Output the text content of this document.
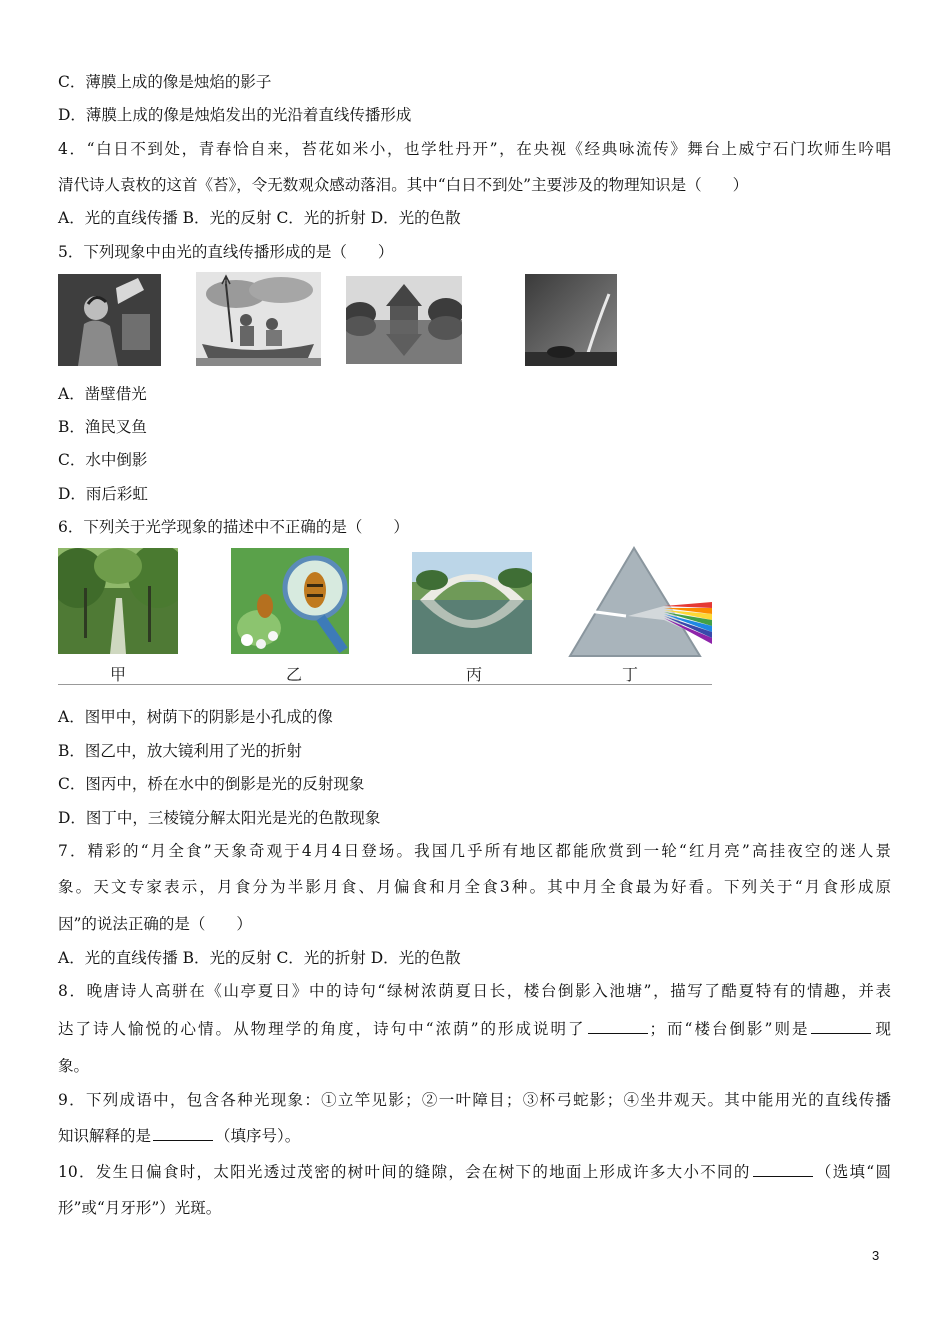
C．薄膜上成的像是烛焰的影子
D．薄膜上成的像是烛焰发出的光沿着直线传播形成
4．“白日不到处，青春恰自来，苔花如米小，也学牡丹开”，在央视《经典咏流传》舞台上威宁石门坎师生吟唱
清代诗人袁枚的这首《苔》，令无数观众感动落泪。其中“白日不到处”主要涉及的物理知识是（　　）
A．光的直线传播 B．光的反射 C．光的折射 D．光的色散
5．下列现象中由光的直线传播形成的是（　　）
A．凿壁借光
B．渔民叉鱼
C．水中倒影
D．雨后彩虹
6．下列关于光学现象的描述中不正确的是（　　）
甲	乙	丙	丁
A．图甲中，树荫下的阴影是小孔成的像
B．图乙中，放大镜利用了光的折射
C．图丙中，桥在水中的倒影是光的反射现象
D．图丁中，三棱镜分解太阳光是光的色散现象
7．精彩的“月全食”天象奇观于4月4日登场。我国几乎所有地区都能欣赏到一轮“红月亮”高挂夜空的迷人景
象。天文专家表示，月食分为半影月食、月偏食和月全食3种。其中月全食最为好看。下列关于“月食形成原
因”的说法正确的是（　　）
A．光的直线传播 B．光的反射 C．光的折射 D．光的色散
8．晚唐诗人高骈在《山亭夏日》中的诗句“绿树浓荫夏日长，楼台倒影入池塘”，描写了酷夏特有的情趣，并表
达了诗人愉悦的心情。从物理学的角度，诗句中“浓荫”的形成说明了	；而“楼台倒影”则是	现
象。
9．下列成语中，包含各种光现象：①立竿见影；②一叶障目；③杯弓蛇影；④坐井观天。其中能用光的直线传播
知识解释的是	（填序号）。
10．发生日偏食时，太阳光透过茂密的树叶间的缝隙，会在树下的地面上形成许多大小不同的	（选填“圆
形”或“月牙形”）光斑。
3
